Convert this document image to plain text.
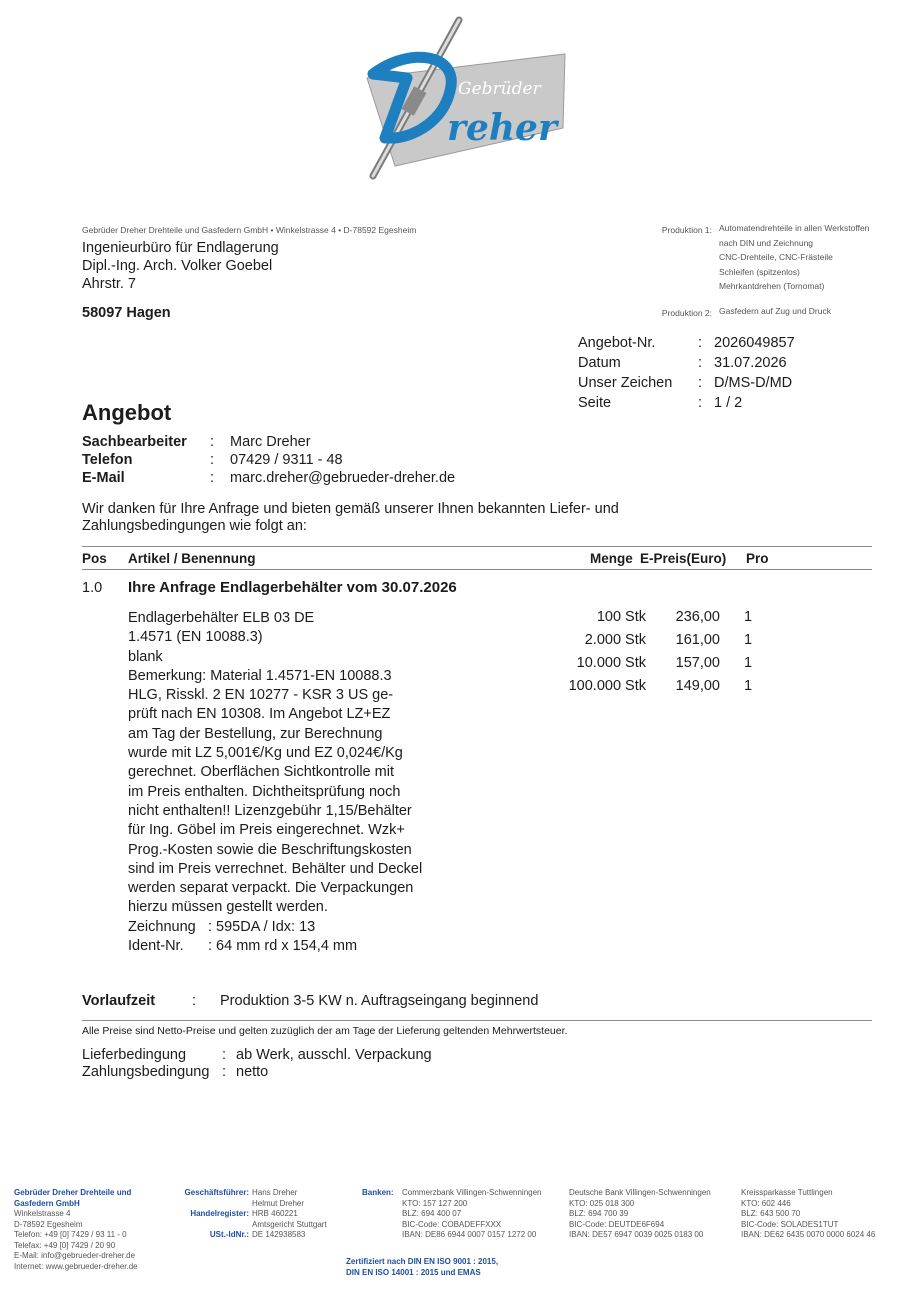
Gebrüder
reher
Gebrüder Dreher Drehteile und Gasfedern GmbH • Winkelstrasse 4 • D-78592 Egesheim
Ingenieurbüro für Endlagerung
Dipl.-Ing. Arch. Volker Goebel
Ahrstr. 7
58097 Hagen
Produktion 1: Automatendrehteile in allen Werkstoffen
nach DIN und Zeichnung
CNC-Drehteile, CNC-Frästeile
Schleifen (spitzenlos)
Mehrkantdrehen (Tornomat)
Produktion 2: Gasfedern auf Zug und Druck
Angebot-Nr.	: 2026049857
Datum	: 31.07.2026
Unser Zeichen	: D/MS-D/MD
Seite	: 1 / 2
Angebot
Sachbearbeiter	:	Marc Dreher
Telefon	:	07429 / 9311 - 48
E-Mail	:	marc.dreher@gebrueder-dreher.de
Wir danken für Ihre Anfrage und bieten gemäß unserer Ihnen bekannten Liefer- und Zahlungsbedingungen wie folgt an:
Pos Artikel / Benennung	Menge E-Preis(Euro) Pro
1.0 Ihre Anfrage Endlagerbehälter vom 30.07.2026
Endlagerbehälter ELB 03 DE
1.4571 (EN 10088.3)
blank
Bemerkung: Material 1.4571-EN 10088.3
HLG, Risskl. 2 EN 10277 - KSR 3 US ge-
prüft nach EN 10308. Im Angebot LZ+EZ
am Tag der Bestellung, zur Berechnung
wurde mit LZ 5,001€/Kg und EZ 0,024€/Kg
gerechnet. Oberflächen Sichtkontrolle mit
im Preis enthalten. Dichtheitsprüfung noch
nicht enthalten!! Lizenzgebühr 1,15/Behälter
für Ing. Göbel im Preis eingerechnet. Wzk+
Prog.-Kosten sowie die Beschriftungskosten
sind im Preis verrechnet. Behälter und Deckel
werden separat verpackt. Die Verpackungen
hierzu müssen gestellt werden.
Zeichnung : 595DA / Idx: 13
Ident-Nr.	: 64 mm rd x 154,4 mm
100 Stk	236,00	1
2.000 Stk	161,00	1
10.000 Stk	157,00	1
100.000 Stk	149,00	1
Vorlaufzeit	:	Produktion 3-5 KW n. Auftragseingang beginnend
Alle Preise sind Netto-Preise und gelten zuzüglich der am Tage der Lieferung geltenden Mehrwertsteuer.
Lieferbedingung	: ab Werk, ausschl. Verpackung
Zahlungsbedingung : netto
Gebrüder Dreher Drehteile und
Gasfedern GmbH
Winkelstrasse 4
D-78592 Egesheim
Telefon: +49 [0] 7429 / 93 11 - 0
Telefax: +49 [0] 7429 / 20 90
E-Mail: info@gebrueder-dreher.de
Internet: www.gebrueder-dreher.de
Geschäftsführer: Hans Dreher
Helmut Dreher
Handelregister: HRB 460221
Amtsgericht Stuttgart
USt.-IdNr.: DE 142938583
Banken: Commerzbank Villingen-Schwenningen
KTO: 157 127 200
BLZ: 694 400 07
BIC-Code: COBADEFFXXX
IBAN: DE86 6944 0007 0157 1272 00
Deutsche Bank Villingen-Schwenningen
KTO: 025 018 300
BLZ: 694 700 39
BIC-Code: DEUTDE6F694
IBAN: DE57 6947 0039 0025 0183 00
Kreissparkasse Tuttlingen
KTO: 602 446
BLZ: 643 500 70
BIC-Code: SOLADES1TUT
IBAN: DE62 6435 0070 0000 6024 46
Zertifiziert nach DIN EN ISO 9001 : 2015,
DIN EN ISO 14001 : 2015 und EMAS
